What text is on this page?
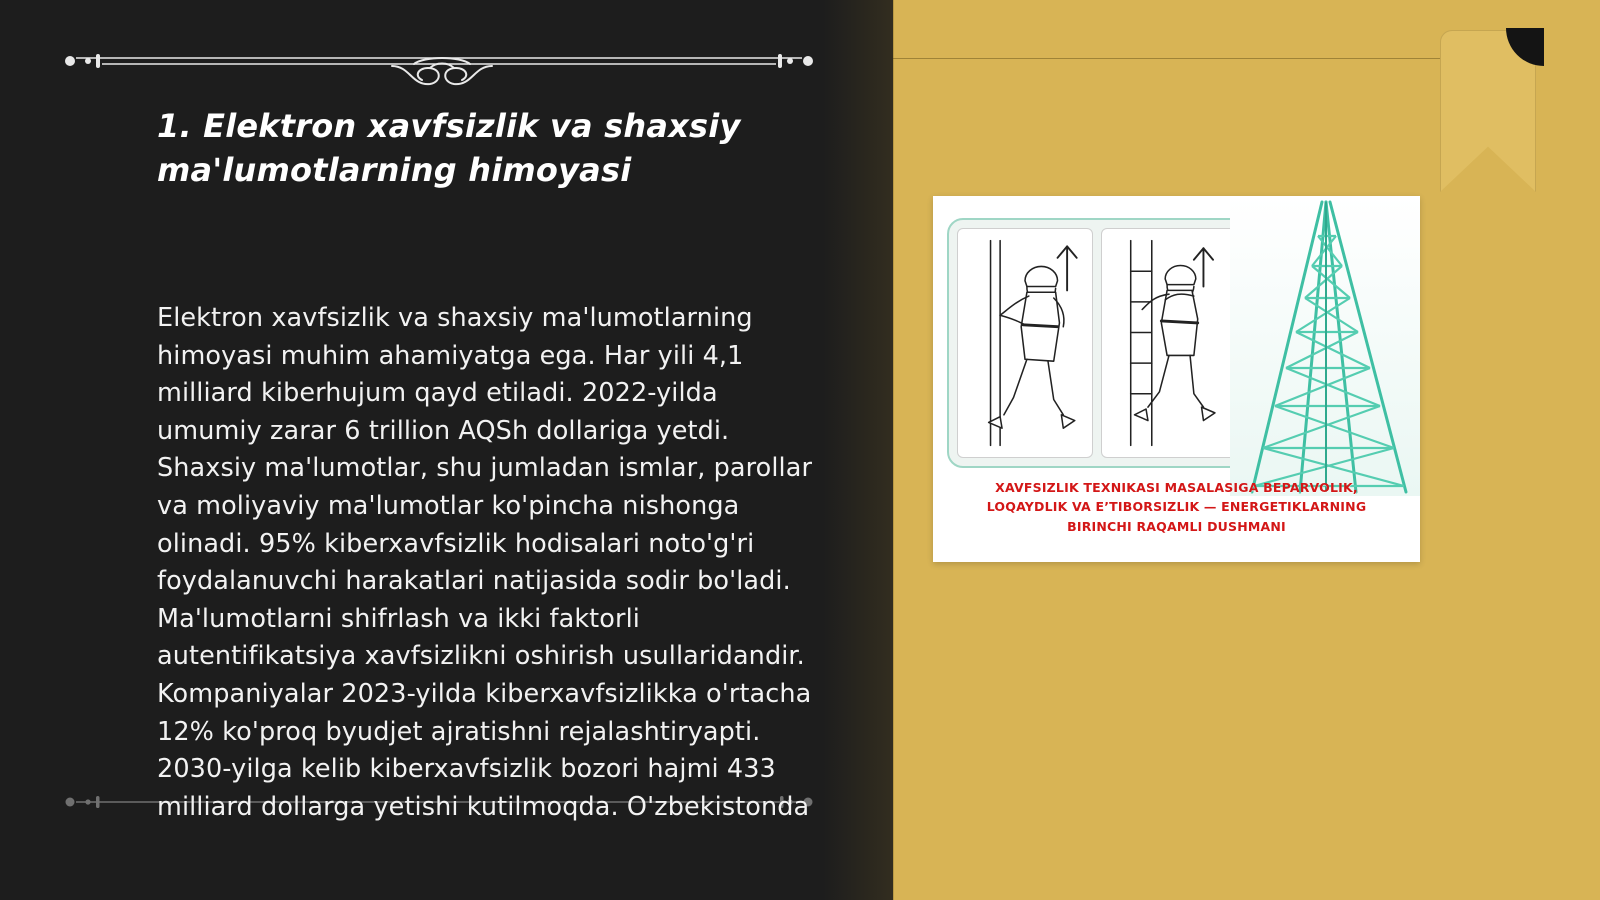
1. Elektron xavfsizlik va shaxsiy ma'lumotlarning himoyasi
Elektron xavfsizlik va shaxsiy ma'lumotlarning himoyasi muhim ahamiyatga ega. Har yili 4,1 milliard kiberhujum qayd etiladi. 2022-yilda umumiy zarar 6 trillion AQSh dollariga yetdi. Shaxsiy ma'lumotlar, shu jumladan ismlar, parollar va moliyaviy ma'lumotlar ko'pincha nishonga olinadi. 95% kiberxavfsizlik hodisalari noto'g'ri foydalanuvchi harakatlari natijasida sodir bo'ladi. Ma'lumotlarni shifrlash va ikki faktorli autentifikatsiya xavfsizlikni oshirish usullaridandir. Kompaniyalar 2023-yilda kiberxavfsizlikka o'rtacha 12% ko'proq byudjet ajratishni rejalashtiryapti. 2030-yilga kelib kiberxavfsizlik bozori hajmi 433 milliard dollarga yetishi kutilmoqda. O'zbekistonda
XAVFSIZLIK TEXNIKASI MASALASIGA BEPARVOLIK,
LOQAYDLIK VA E’TIBORSIZLIK — ENERGETIKLARNING
BIRINCHI RAQAMLI DUSHMANI
